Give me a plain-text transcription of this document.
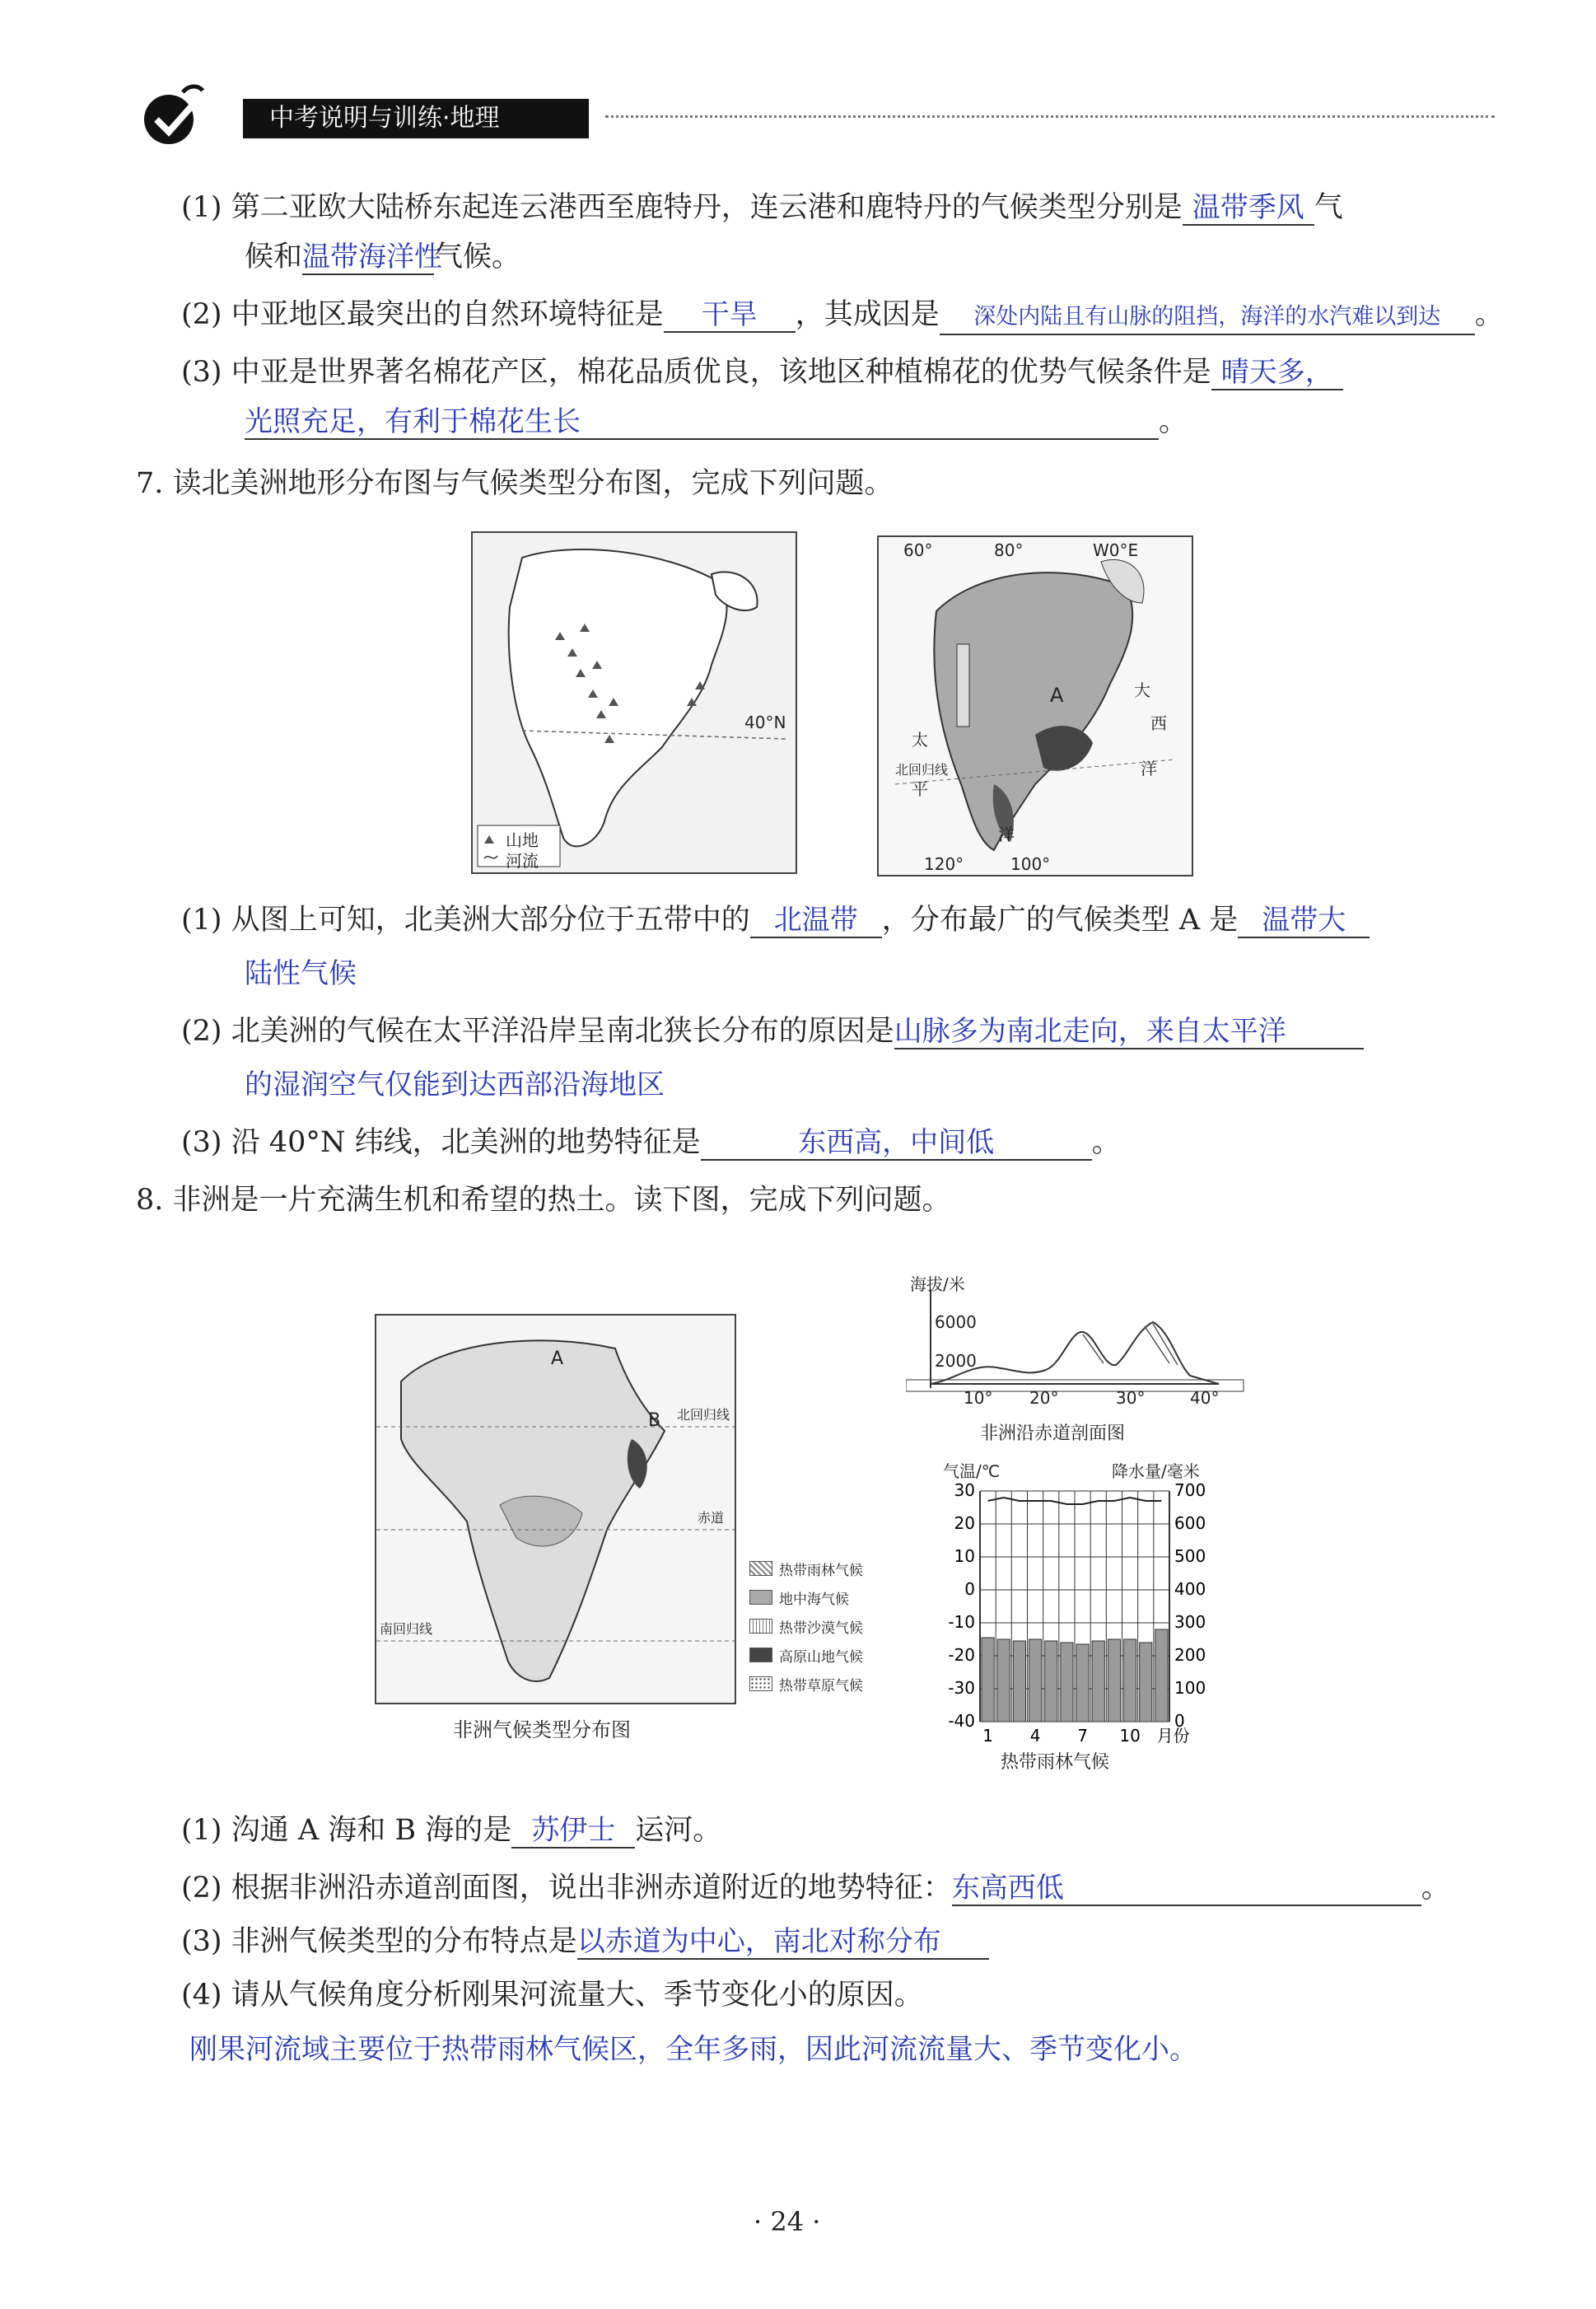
中考说明与训练·地理
(1) 第二亚欧大陆桥东起连云港西至鹿特丹，连云港和鹿特丹的气候类型分别是 温带季风 气
候和温带海洋性气候。
(2) 中亚地区最突出的自然环境特征是 干旱 ，其成因是 深处内陆且有山脉的阻挡，海洋的水汽难以到达 。
(3) 中亚是世界著名棉花产区，棉花品质优良，该地区种植棉花的优势气候条件是 晴天多，
光照充足，有利于棉花生长	。
7. 读北美洲地形分布图与气候类型分布图，完成下列问题。
山地
河流
40°N
60°	80°	W0°E
120°	100°
A
太
平
洋
大
西
洋
北回归线
(1) 从图上可知，北美洲大部分位于五带中的 北温带 ，分布最广的气候类型 A 是 温带大
陆性气候
(2) 北美洲的气候在太平洋沿岸呈南北狭长分布的原因是山脉多为南北走向，来自太平洋
的湿润空气仅能到达西部沿海地区
(3) 沿 40°N 纬线，北美洲的地势特征是	东西高，中间低	。
8. 非洲是一片充满生机和希望的热土。读下图，完成下列问题。
A
B 北回归线
赤道
南回归线
热带雨林气候
地中海气候
热带沙漠气候
高原山地气候
热带草原气候
非洲气候类型分布图
海拔/米
6000
2000
10° 20°	30°	40°
非洲沿赤道剖面图
气温/℃	降水量/毫米
30
20
10
0
-10
-20
-30
-40
700
600
500
400
300
200
100
0
1 4 7 10 月份
热带雨林气候
(1) 沟通 A 海和 B 海的是 苏伊士 运河。
(2) 根据非洲沿赤道剖面图，说出非洲赤道附近的地势特征：东高西低	。
(3) 非洲气候类型的分布特点是以赤道为中心，南北对称分布
(4) 请从气候角度分析刚果河流量大、季节变化小的原因。
刚果河流域主要位于热带雨林气候区，全年多雨，因此河流流量大、季节变化小。
· 24 ·
